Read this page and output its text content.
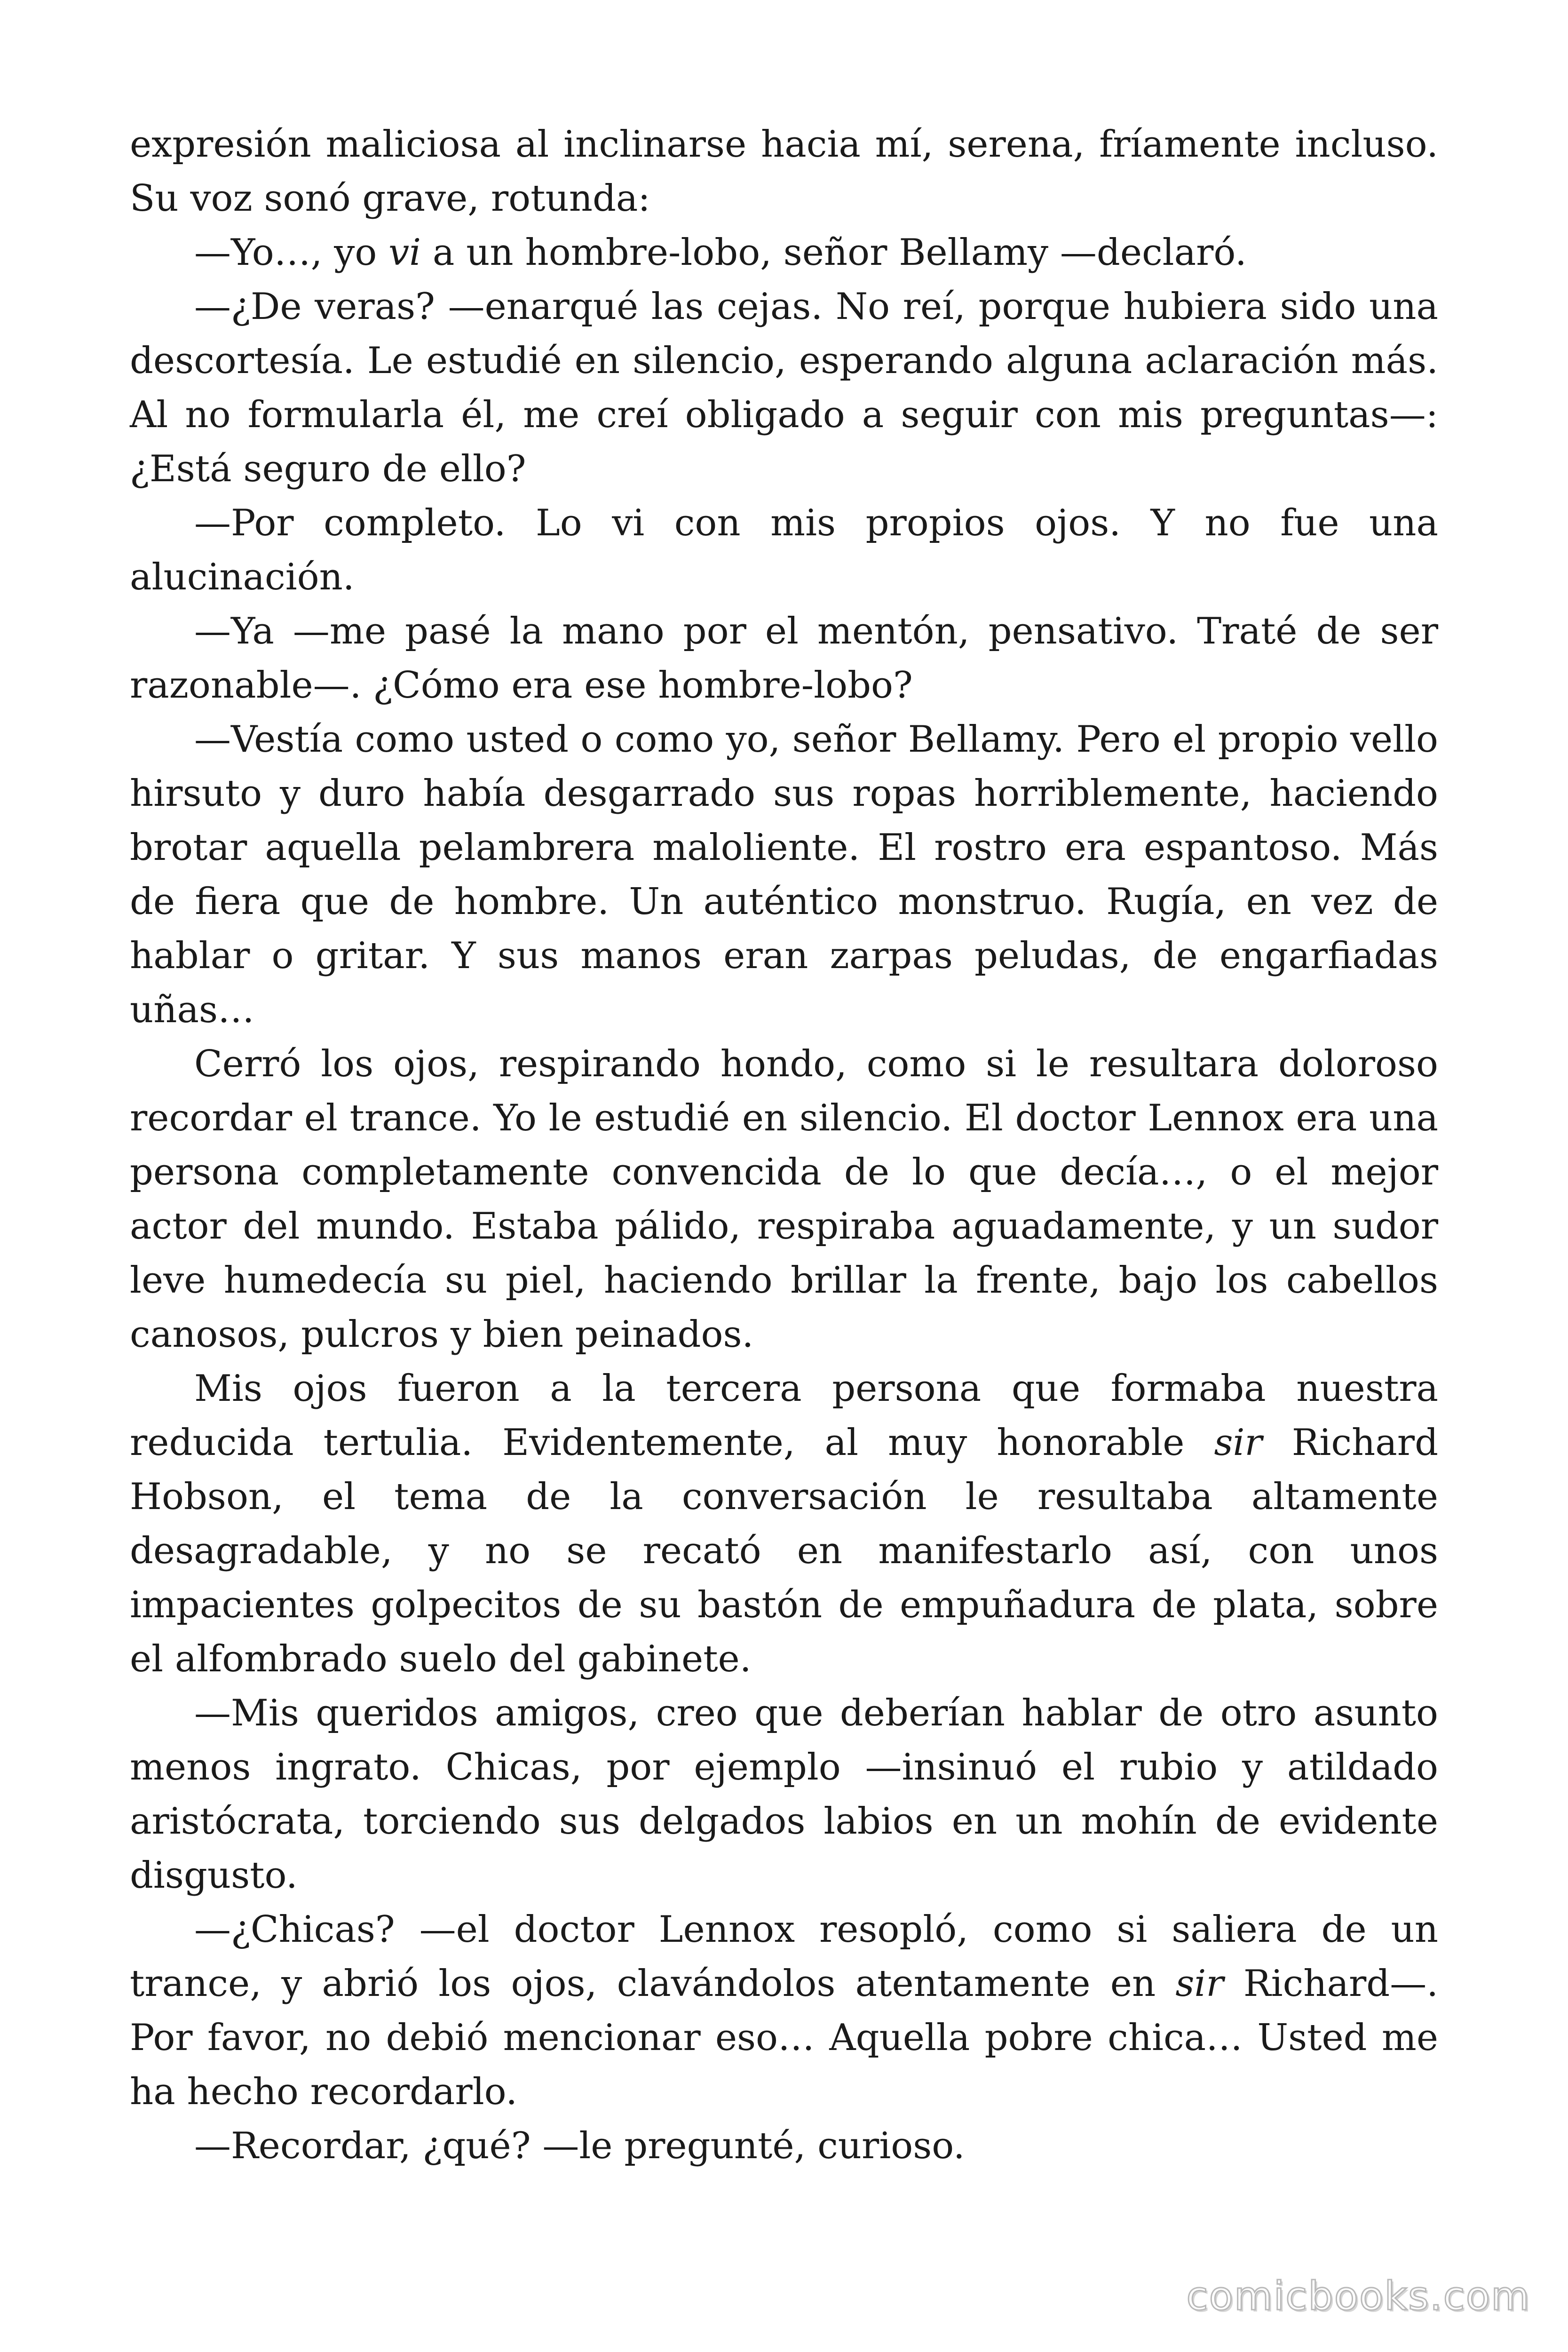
expresión maliciosa al inclinarse hacia mí, serena, fríamente incluso. Su voz sonó grave, rotunda:

—Yo…, yo vi a un hombre-lobo, señor Bellamy —declaró.

—¿De veras? —enarqué las cejas. No reí, porque hubiera sido una descortesía. Le estudié en silencio, esperando alguna aclaración más. Al no formularla él, me creí obligado a seguir con mis preguntas—: ¿Está seguro de ello?

—Por completo. Lo vi con mis propios ojos. Y no fue una alucinación.

—Ya —me pasé la mano por el mentón, pensativo. Traté de ser razonable—. ¿Cómo era ese hombre-lobo?

—Vestía como usted o como yo, señor Bellamy. Pero el propio vello hirsuto y duro había desgarrado sus ropas horriblemente, haciendo brotar aquella pelambrera maloliente. El rostro era espantoso. Más de fiera que de hombre. Un auténtico monstruo. Rugía, en vez de hablar o gritar. Y sus manos eran zarpas peludas, de engarfiadas uñas…

Cerró los ojos, respirando hondo, como si le resultara doloroso recordar el trance. Yo le estudié en silencio. El doctor Lennox era una persona completamente convencida de lo que decía…, o el mejor actor del mundo. Estaba pálido, respiraba aguadamente, y un sudor leve humedecía su piel, haciendo brillar la frente, bajo los cabellos canosos, pulcros y bien peinados.

Mis ojos fueron a la tercera persona que formaba nuestra reducida tertulia. Evidentemente, al muy honorable sir Richard Hobson, el tema de la conversación le resultaba altamente desagradable, y no se recató en manifestarlo así, con unos impacientes golpecitos de su bastón de empuñadura de plata, sobre el alfombrado suelo del gabinete.

—Mis queridos amigos, creo que deberían hablar de otro asunto menos ingrato. Chicas, por ejemplo —insinuó el rubio y atildado aristócrata, torciendo sus delgados labios en un mohín de evidente disgusto.

—¿Chicas? —el doctor Lennox resopló, como si saliera de un trance, y abrió los ojos, clavándolos atentamente en sir Richard—. Por favor, no debió mencionar eso… Aquella pobre chica… Usted me ha hecho recordarlo.

—Recordar, ¿qué? —le pregunté, curioso.

comicbooks.com
